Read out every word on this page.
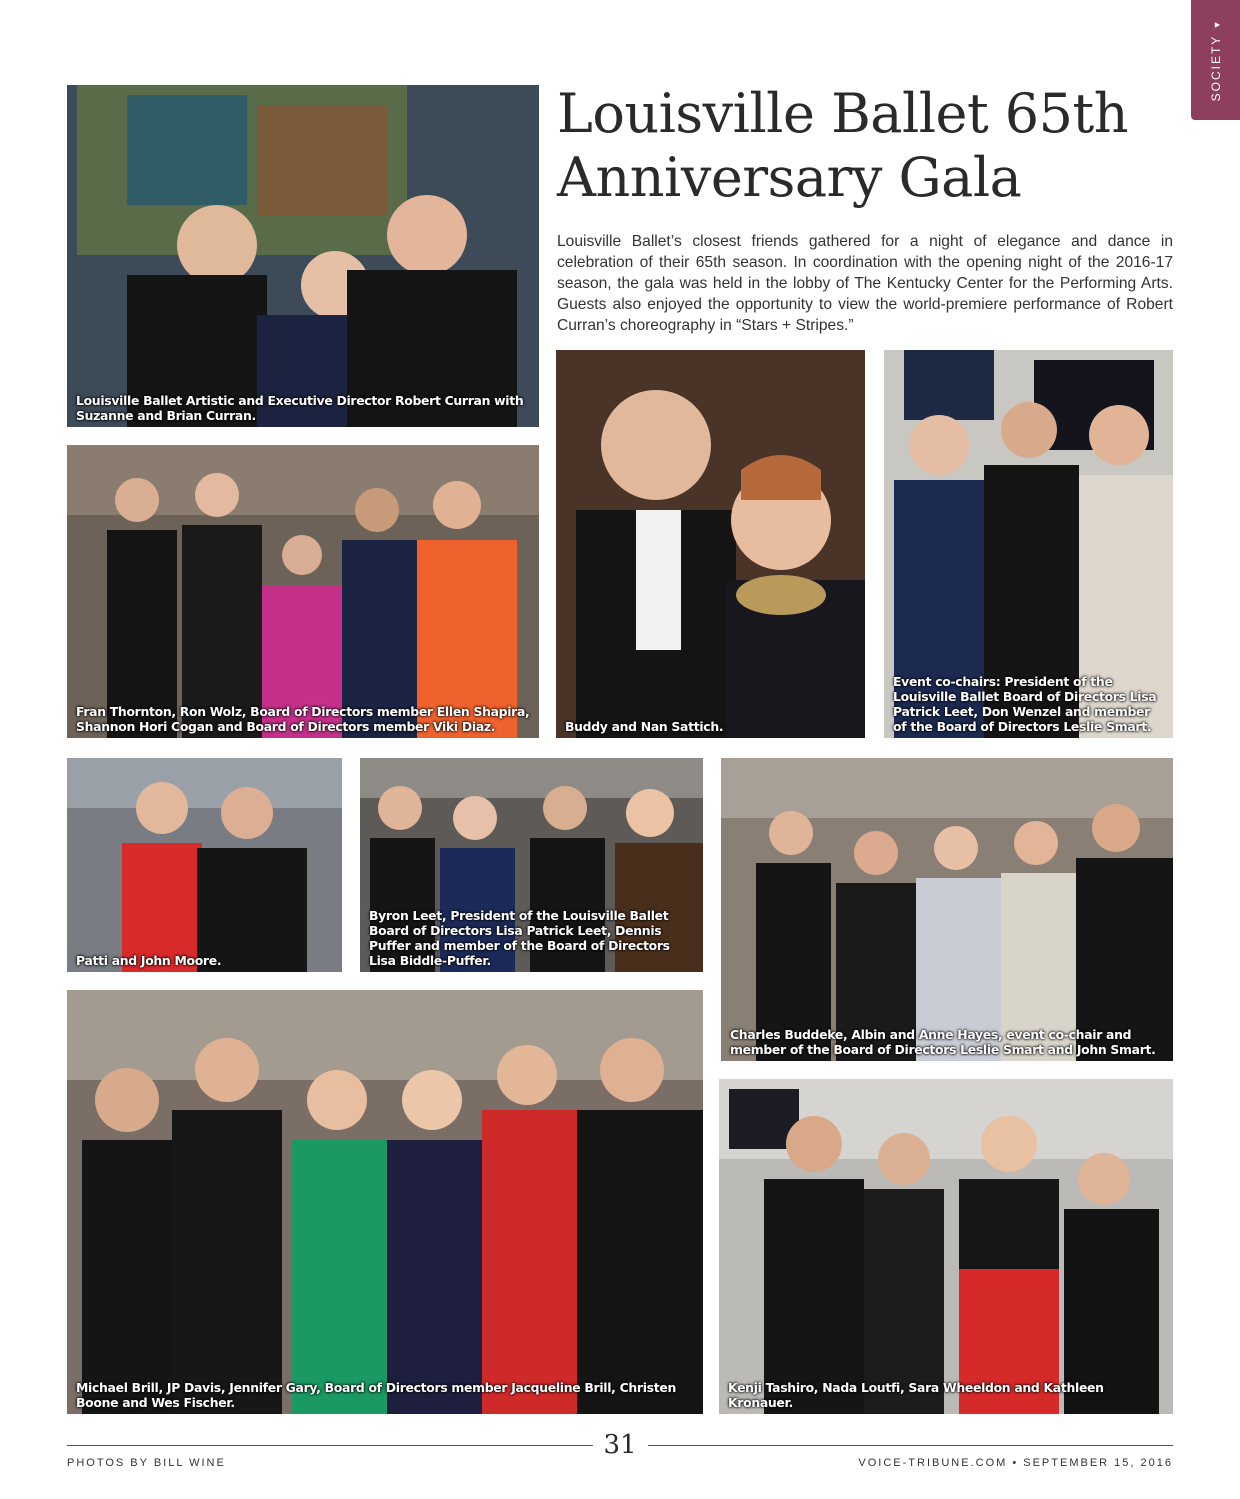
SOCIETY ▼
Louisville Ballet 65th Anniversary Gala

Louisville Ballet’s closest friends gathered for a night of elegance and dance in celebration of their 65th season. In coordination with the opening night of the 2016-17 season, the gala was held in the lobby of The Kentucky Center for the Performing Arts. Guests also enjoyed the opportunity to view the world-premiere performance of Robert Curran’s choreography in “Stars + Stripes.”

Louisville Ballet Artistic and Executive Director Robert Curran with Suzanne and Brian Curran.
Fran Thornton, Ron Wolz, Board of Directors member Ellen Shapira, Shannon Hori Cogan and Board of Directors member Viki Diaz.	Buddy and Nan Sattich.
Event co-chairs: President of the Louisville Ballet Board of Directors Lisa Patrick Leet, Don Wenzel and member of the Board of Directors Leslie Smart.
Patti and John Moore.
Byron Leet, President of the Louisville Ballet Board of Directors Lisa Patrick Leet, Dennis Puffer and member of the Board of Directors Lisa Biddle-Puffer.
Charles Buddeke, Albin and Anne Hayes, event co-chair and member of the Board of Directors Leslie Smart and John Smart.
Michael Brill, JP Davis, Jennifer Gary, Board of Directors member Jacqueline Brill, Christen Boone and Wes Fischer.
Kenji Tashiro, Nada Loutfi, Sara Wheeldon and Kathleen Kronauer.
31
PHOTOS BY BILL WINE	VOICE-TRIBUNE.COM • SEPTEMBER 15, 2016
